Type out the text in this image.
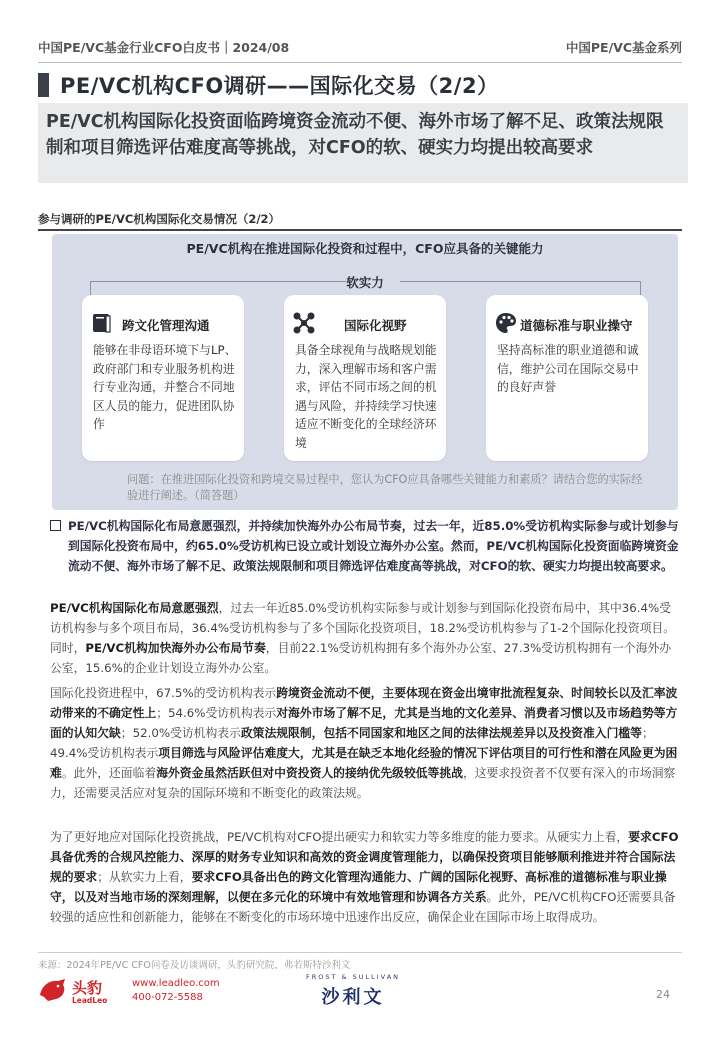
中国PE/VC基金行业CFO白皮书｜2024/08	中国PE/VC基金系列
PE/VC机构CFO调研——国际化交易（2/2）
PE/VC机构国际化投资面临跨境资金流动不便、海外市场了解不足、政策法规限制和项目筛选评估难度高等挑战，对CFO的软、硬实力均提出较高要求
参与调研的PE/VC机构国际化交易情况（2/2）
PE/VC机构在推进国际化投资和过程中，CFO应具备的关键能力
软实力
跨文化管理沟通
能够在非母语环境下与LP、政府部门和专业服务机构进行专业沟通，并整合不同地区人员的能力，促进团队协作
国际化视野
具备全球视角与战略规划能力，深入理解市场和客户需求，评估不同市场之间的机遇与风险，并持续学习快速适应不断变化的全球经济环境
道德标准与职业操守
坚持高标准的职业道德和诚信，维护公司在国际交易中的良好声誉
问题：在推进国际化投资和跨境交易过程中，您认为CFO应具备哪些关键能力和素质？请结合您的实际经验进行阐述。（简答题）
PE/VC机构国际化布局意愿强烈，并持续加快海外办公布局节奏，过去一年，近85.0%受访机构实际参与或计划参与到国际化投资布局中，约65.0%受访机构已设立或计划设立海外办公室。然而，PE/VC机构国际化投资面临跨境资金流动不便、海外市场了解不足、政策法规限制和项目筛选评估难度高等挑战，对CFO的软、硬实力均提出较高要求。
PE/VC机构国际化布局意愿强烈，过去一年近85.0%受访机构实际参与或计划参与到国际化投资布局中，其中36.4%受访机构参与多个项目布局，36.4%受访机构参与了多个国际化投资项目，18.2%受访机构参与了1-2个国际化投资项目。同时，PE/VC机构加快海外办公布局节奏，目前22.1%受访机构拥有多个海外办公室、27.3%受访机构拥有一个海外办公室，15.6%的企业计划设立海外办公室。
国际化投资进程中，67.5%的受访机构表示跨境资金流动不便，主要体现在资金出境审批流程复杂、时间较长以及汇率波动带来的不确定性上；54.6%受访机构表示对海外市场了解不足，尤其是当地的文化差异、消费者习惯以及市场趋势等方面的认知欠缺；52.0%受访机构表示政策法规限制，包括不同国家和地区之间的法律法规差异以及投资准入门槛等；49.4%受访机构表示项目筛选与风险评估难度大，尤其是在缺乏本地化经验的情况下评估项目的可行性和潜在风险更为困难。此外，还面临着海外资金虽然活跃但对中资投资人的接纳优先级较低等挑战，这要求投资者不仅要有深入的市场洞察力，还需要灵活应对复杂的国际环境和不断变化的政策法规。
为了更好地应对国际化投资挑战，PE/VC机构对CFO提出硬实力和软实力等多维度的能力要求。从硬实力上看，要求CFO具备优秀的合规风控能力、深厚的财务专业知识和高效的资金调度管理能力，以确保投资项目能够顺利推进并符合国际法规的要求；从软实力上看，要求CFO具备出色的跨文化管理沟通能力、广阔的国际化视野、高标准的道德标准与职业操守，以及对当地市场的深刻理解，以便在多元化的环境中有效地管理和协调各方关系。此外，PE/VC机构CFO还需要具备较强的适应性和创新能力，能够在不断变化的市场环境中迅速作出反应，确保企业在国际市场上取得成功。
来源：2024年PE/VC CFO问卷及访谈调研，头豹研究院，弗若斯特沙利文
头豹
LeadLeo
www.leadleo.com
400-072-5588
FROST & SULLIVAN
沙利文	24
